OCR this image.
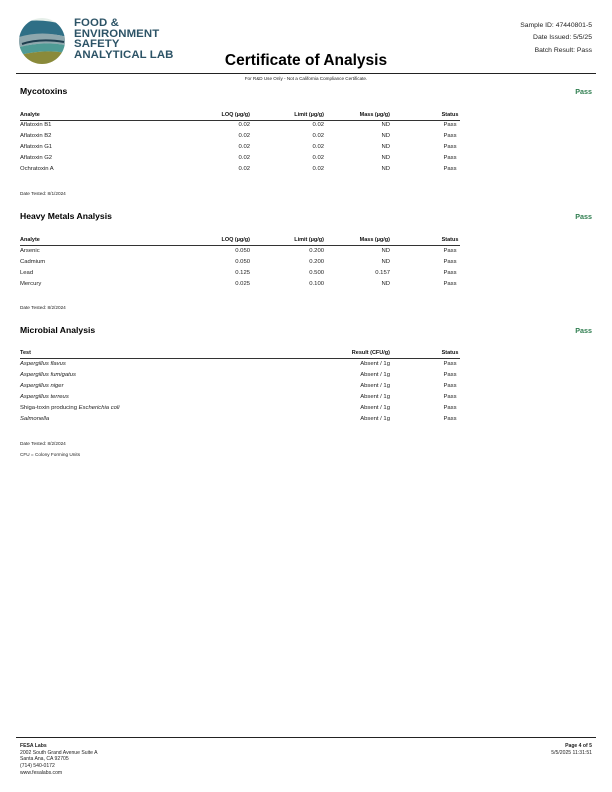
FOOD &
ENVIRONMENT
SAFETY
ANALYTICAL LAB
Sample ID: 47440801-5
Date Issued: 5/5/25
Batch Result: Pass
Certificate of Analysis
For R&D Use Only - Not a California Compliance Certificate.
Mycotoxins	Pass
Analyte	LOQ (µg/g)	Limit (µg/g)	Mass (µg/g)	Status
Aflatoxin B1	0.02	0.02	ND	Pass
Aflatoxin B2	0.02	0.02	ND	Pass
Aflatoxin G1	0.02	0.02	ND	Pass
Aflatoxin G2	0.02	0.02	ND	Pass
Ochratoxin A	0.02	0.02	ND	Pass
Date Tested: 8/1/2024
Heavy Metals Analysis	Pass
Analyte	LOQ (µg/g)	Limit (µg/g)	Mass (µg/g)	Status
Arsenic	0.050	0.200	ND	Pass
Cadmium	0.050	0.200	ND	Pass
Lead	0.125	0.500	0.157	Pass
Mercury	0.025	0.100	ND	Pass
Date Tested: 8/2/2024
Microbial Analysis	Pass
Test	Result (CFU/g)	Status
Aspergillus flavus	Absent / 1g	Pass
Aspergillus fumigatus	Absent / 1g	Pass
Aspergillus niger	Absent / 1g	Pass
Aspergillus terreus	Absent / 1g	Pass
Shiga-toxin producing Escherichia coli	Absent / 1g	Pass
Salmonella	Absent / 1g	Pass
Date Tested: 8/2/2024
CFU = Colony Forming Units
FESA Labs
2002 South Grand Avenue Suite A
Santa Ana, CA 92705
(714) 540-0172
www.fesalabs.com
Page 4 of 5
5/5/2025 11:31:51
